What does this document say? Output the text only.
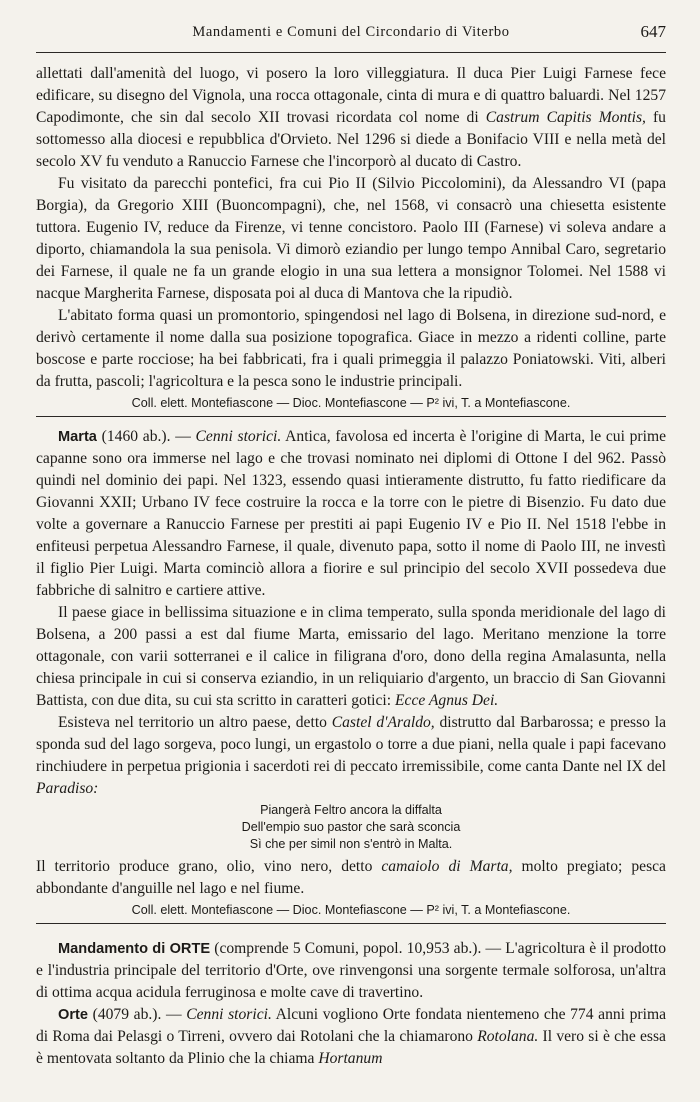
Mandamenti e Comuni del Circondario di Viterbo	647

allettati dall'amenità del luogo, vi posero la loro villeggiatura. Il duca Pier Luigi Farnese fece edificare, su disegno del Vignola, una rocca ottagonale, cinta di mura e di quattro baluardi. Nel 1257 Capodimonte, che sin dal secolo XII trovasi ricordata col nome di Castrum Capitis Montis, fu sottomesso alla diocesi e repubblica d'Orvieto. Nel 1296 si diede a Bonifacio VIII e nella metà del secolo XV fu venduto a Ranuccio Farnese che l'incorporò al ducato di Castro.

Fu visitato da parecchi pontefici, fra cui Pio II (Silvio Piccolomini), da Alessandro VI (papa Borgia), da Gregorio XIII (Buoncompagni), che, nel 1568, vi consacrò una chiesetta esistente tuttora. Eugenio IV, reduce da Firenze, vi tenne concistoro. Paolo III (Farnese) vi soleva andare a diporto, chiamandola la sua penisola. Vi dimorò eziandio per lungo tempo Annibal Caro, segretario dei Farnese, il quale ne fa un grande elogio in una sua lettera a monsignor Tolomei. Nel 1588 vi nacque Margherita Farnese, disposata poi al duca di Mantova che la ripudiò.

L'abitato forma quasi un promontorio, spingendosi nel lago di Bolsena, in direzione sud-nord, e derivò certamente il nome dalla sua posizione topografica. Giace in mezzo a ridenti colline, parte boscose e parte rocciose; ha bei fabbricati, fra i quali primeggia il palazzo Poniatowski. Viti, alberi da frutta, pascoli; l'agricoltura e la pesca sono le industrie principali.

Coll. elett. Montefiascone — Dioc. Montefiascone — P² ivi, T. a Montefiascone.

Marta (1460 ab.). — Cenni storici. Antica, favolosa ed incerta è l'origine di Marta, le cui prime capanne sono ora immerse nel lago e che trovasi nominato nei diplomi di Ottone I del 962. Passò quindi nel dominio dei papi. Nel 1323, essendo quasi intieramente distrutto, fu fatto riedificare da Giovanni XXII; Urbano IV fece costruire la rocca e la torre con le pietre di Bisenzio. Fu dato due volte a governare a Ranuccio Farnese per prestiti ai papi Eugenio IV e Pio II. Nel 1518 l'ebbe in enfiteusi perpetua Alessandro Farnese, il quale, divenuto papa, sotto il nome di Paolo III, ne investì il figlio Pier Luigi. Marta cominciò allora a fiorire e sul principio del secolo XVII possedeva due fabbriche di salnitro e cartiere attive.

Il paese giace in bellissima situazione e in clima temperato, sulla sponda meridionale del lago di Bolsena, a 200 passi a est dal fiume Marta, emissario del lago. Meritano menzione la torre ottagonale, con varii sotterranei e il calice in filigrana d'oro, dono della regina Amalasunta, nella chiesa principale in cui si conserva eziandio, in un reliquiario d'argento, un braccio di San Giovanni Battista, con due dita, su cui sta scritto in caratteri gotici: Ecce Agnus Dei.

Esisteva nel territorio un altro paese, detto Castel d'Araldo, distrutto dal Barbarossa; e presso la sponda sud del lago sorgeva, poco lungi, un ergastolo o torre a due piani, nella quale i papi facevano rinchiudere in perpetua prigionia i sacerdoti rei di peccato irremissibile, come canta Dante nel IX del Paradiso:

Piangerà Feltro ancora la diffalta
Dell'empio suo pastor che sarà sconcia
Sì che per simil non s'entrò in Malta.

Il territorio produce grano, olio, vino nero, detto camaiolo di Marta, molto pregiato; pesca abbondante d'anguille nel lago e nel fiume.

Coll. elett. Montefiascone — Dioc. Montefiascone — P² ivi, T. a Montefiascone.

Mandamento di ORTE (comprende 5 Comuni, popol. 10,953 ab.). — L'agricoltura è il prodotto e l'industria principale del territorio d'Orte, ove rinvengonsi una sorgente termale solforosa, un'altra di ottima acqua acidula ferruginosa e molte cave di travertino.

Orte (4079 ab.). — Cenni storici. Alcuni vogliono Orte fondata nientemeno che 774 anni prima di Roma dai Pelasgi o Tirreni, ovvero dai Rotolani che la chiamarono Rotolana. Il vero si è che essa è mentovata soltanto da Plinio che la chiama Hortanum
